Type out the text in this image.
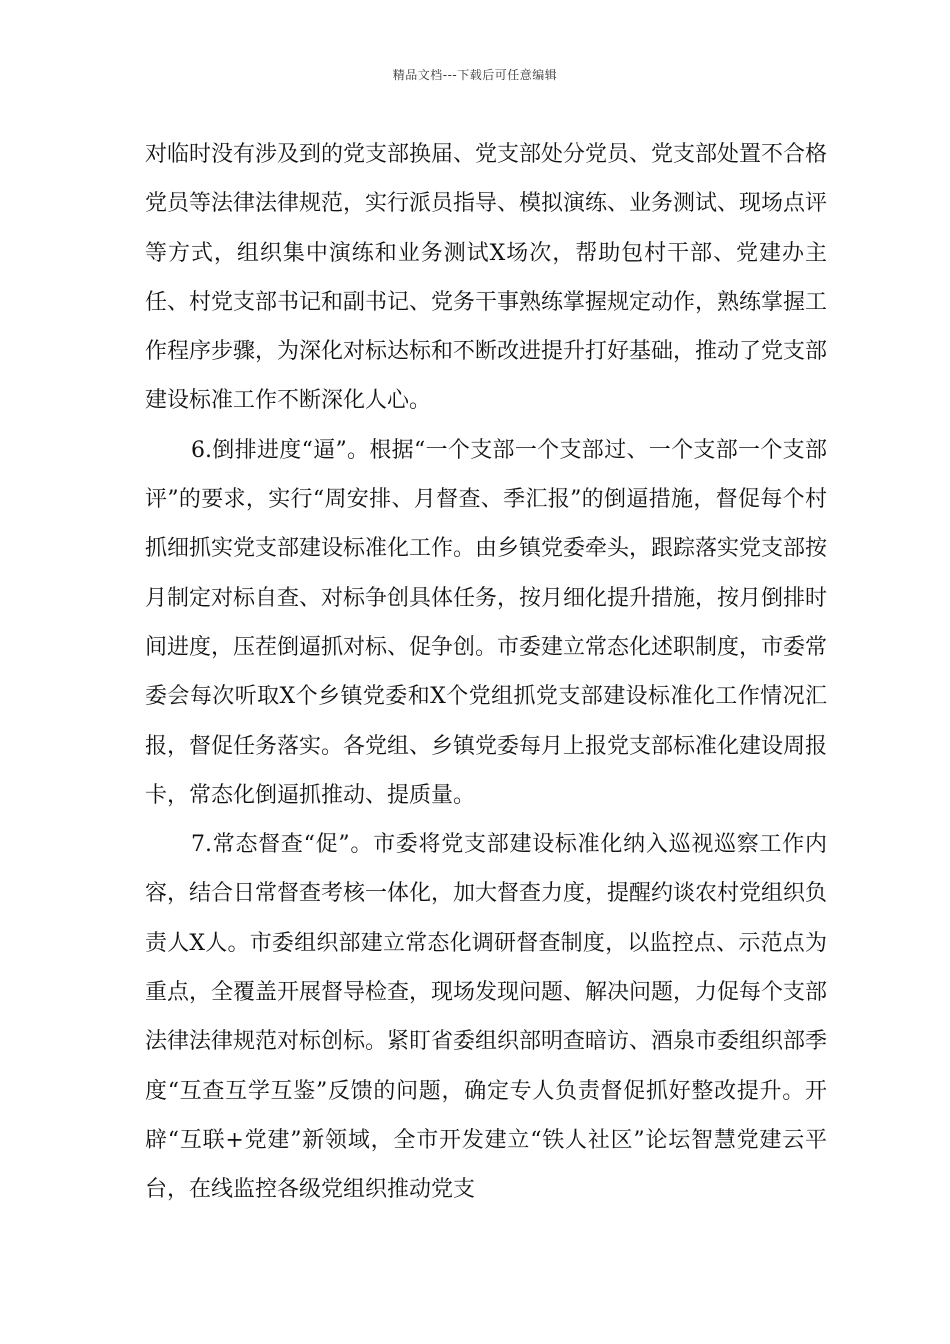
精品文档---下载后可任意编辑

对临时没有涉及到的党支部换届、党支部处分党员、党支部处置不合格党员等法律法律规范，实行派员指导、模拟演练、业务测试、现场点评等方式，组织集中演练和业务测试X场次，帮助包村干部、党建办主任、村党支部书记和副书记、党务干事熟练掌握规定动作，熟练掌握工作程序步骤，为深化对标达标和不断改进提升打好基础，推动了党支部建设标准工作不断深化人心。

6.倒排进度“逼”。根据“一个支部一个支部过、一个支部一个支部评”的要求，实行“周安排、月督查、季汇报”的倒逼措施，督促每个村抓细抓实党支部建设标准化工作。由乡镇党委牵头，跟踪落实党支部按月制定对标自查、对标争创具体任务，按月细化提升措施，按月倒排时间进度，压茬倒逼抓对标、促争创。市委建立常态化述职制度，市委常委会每次听取X个乡镇党委和X个党组抓党支部建设标准化工作情况汇报，督促任务落实。各党组、乡镇党委每月上报党支部标准化建设周报卡，常态化倒逼抓推动、提质量。

7.常态督查“促”。市委将党支部建设标准化纳入巡视巡察工作内容，结合日常督查考核一体化，加大督查力度，提醒约谈农村党组织负责人X人。市委组织部建立常态化调研督查制度，以监控点、示范点为重点，全覆盖开展督导检查，现场发现问题、解决问题，力促每个支部法律法律规范对标创标。紧盯省委组织部明查暗访、酒泉市委组织部季度“互查互学互鉴”反馈的问题，确定专人负责督促抓好整改提升。开辟“互联+党建”新领域，全市开发建立“铁人社区”论坛智慧党建云平台，在线监控各级党组织推动党支
